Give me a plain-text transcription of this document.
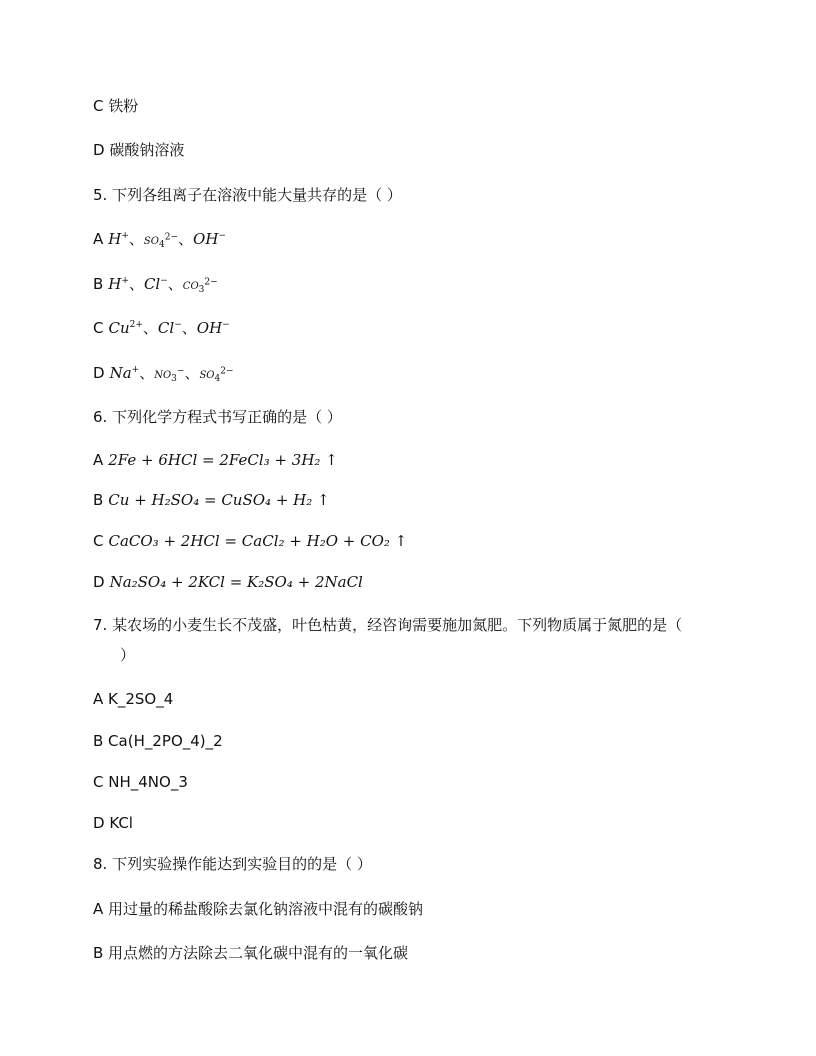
C 铁粉
D 碳酸钠溶液
5. 下列各组离子在溶液中能大量共存的是（ ）
A H+、$SO_4^{2-}$、OH−
B H+、Cl−、$CO_3^{2-}$
C $Cu^{2+}$、Cl−、OH−
D Na+、$NO_3^-$、$SO_4^{2-}$
6. 下列化学方程式书写正确的是（ ）
A 2Fe + 6HCl = 2FeCl₃ + 3H₂ ↑
B Cu + H₂SO₄ = CuSO₄ + H₂ ↑
C CaCO₃ + 2HCl = CaCl₂ + H₂O + CO₂ ↑
D Na₂SO₄ + 2KCl = K₂SO₄ + 2NaCl
7. 某农场的小麦生长不茂盛，叶色枯黄，经咨询需要施加氮肥。下列物质属于氮肥的是（
）
A K_2SO_4
B Ca(H_2PO_4)_2
C NH_4NO_3
D KCl
8. 下列实验操作能达到实验目的的是（ ）
A 用过量的稀盐酸除去氯化钠溶液中混有的碳酸钠
B 用点燃的方法除去二氧化碳中混有的一氧化碳
